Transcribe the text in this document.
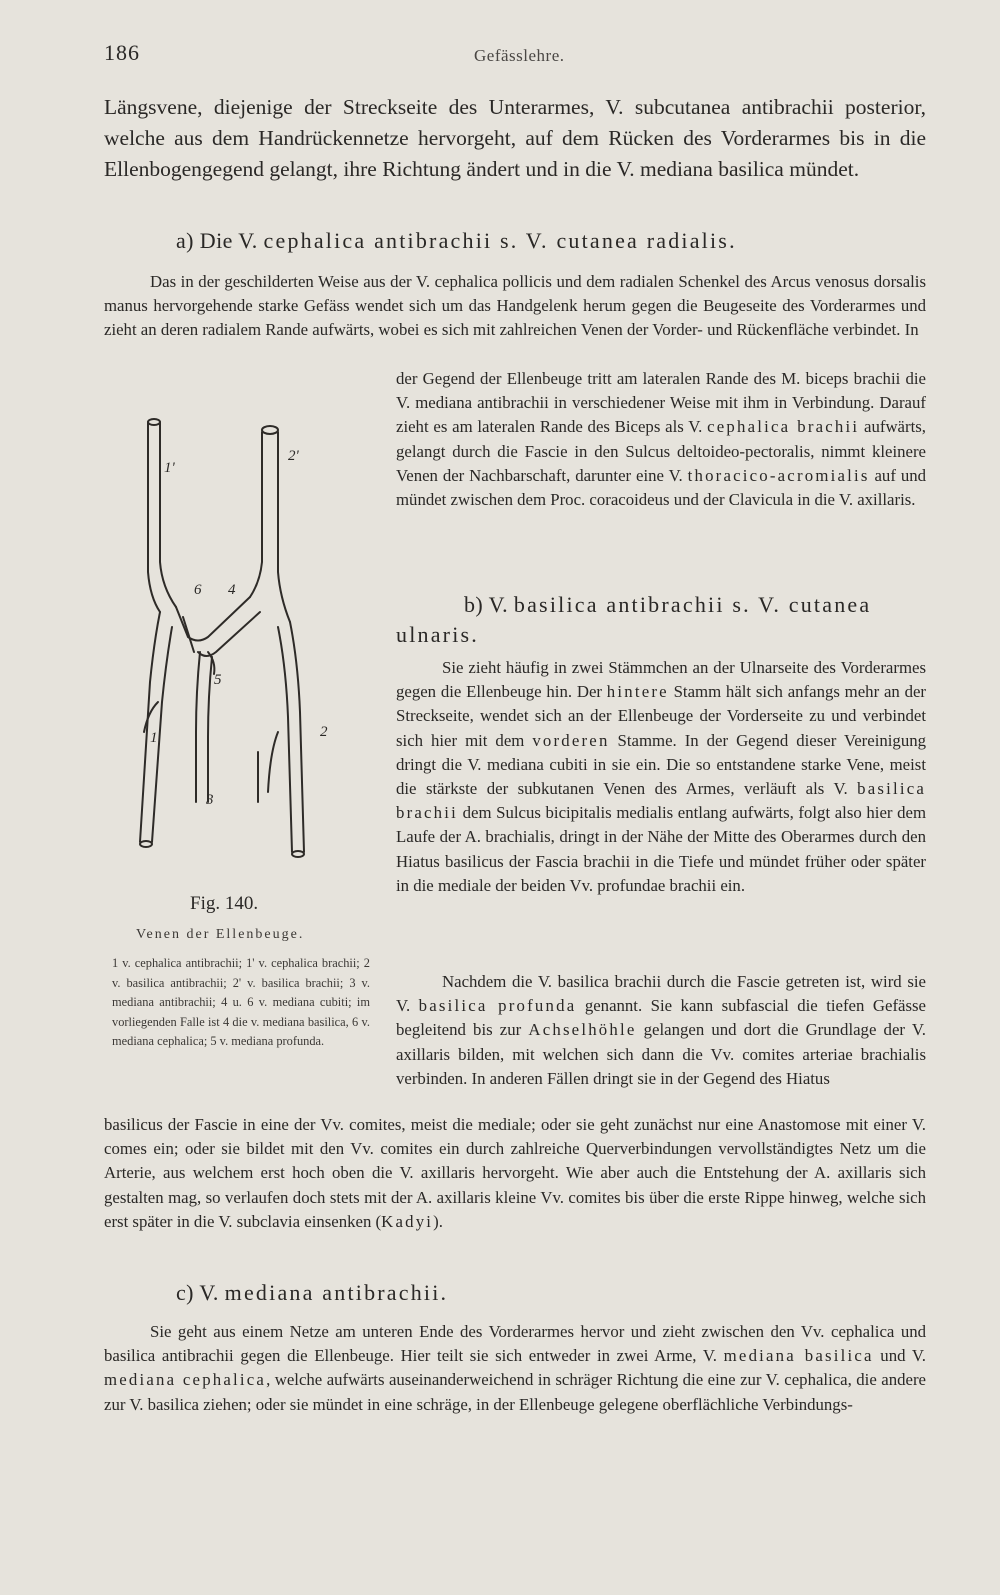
186	Gefässlehre.
Längsvene, diejenige der Streckseite des Unterarmes, V. subcutanea antibrachii posterior, welche aus dem Handrückennetze hervorgeht, auf dem Rücken des Vorderarmes bis in die Ellenbogengegend gelangt, ihre Richtung ändert und in die V. mediana basilica mündet.
a) Die V. cephalica antibrachii s. V. cutanea radialis.
Das in der geschilderten Weise aus der V. cephalica pollicis und dem radialen Schenkel des Arcus venosus dorsalis manus hervorgehende starke Gefäss wendet sich um das Handgelenk herum gegen die Beugeseite des Vorderarmes und zieht an deren radialem Rande aufwärts, wobei es sich mit zahlreichen Venen der Vorder- und Rückenfläche verbindet. In
der Gegend der Ellenbeuge tritt am lateralen Rande des M. biceps brachii die V. mediana antibrachii in verschiedener Weise mit ihm in Verbindung. Darauf zieht es am lateralen Rande des Biceps als V. cephalica brachii aufwärts, gelangt durch die Fascie in den Sulcus deltoideo-pectoralis, nimmt kleinere Venen der Nachbarschaft, darunter eine V. thoracico-acromialis auf und mündet zwischen dem Proc. coracoideus und der Clavicula in die V. axillaris.
1'
2'
6 4
5
1	2
3
Fig. 140.
Venen der Ellenbeuge.
1 v. cephalica antibrachii; 1' v. cephalica brachii; 2 v. basilica antibrachii; 2' v. basilica brachii; 3 v. mediana antibrachii; 4 u. 6 v. mediana cubiti; im vorliegenden Falle ist 4 die v. mediana basilica, 6 v. mediana cephalica; 5 v. mediana profunda.
b) V. basilica antibrachii s. V. cutanea ulnaris.
Sie zieht häufig in zwei Stämmchen an der Ulnarseite des Vorderarmes gegen die Ellenbeuge hin. Der hintere Stamm hält sich anfangs mehr an der Streckseite, wendet sich an der Ellenbeuge der Vorderseite zu und verbindet sich hier mit dem vorderen Stamme. In der Gegend dieser Vereinigung dringt die V. mediana cubiti in sie ein. Die so entstandene starke Vene, meist die stärkste der subkutanen Venen des Armes, verläuft als V. basilica brachii dem Sulcus bicipitalis medialis entlang aufwärts, folgt also hier dem Laufe der A. brachialis, dringt in der Nähe der Mitte des Oberarmes durch den Hiatus basilicus der Fascia brachii in die Tiefe und mündet früher oder später in die mediale der beiden Vv. profundae brachii ein.
Nachdem die V. basilica brachii durch die Fascie getreten ist, wird sie V. basilica profunda genannt. Sie kann subfascial die tiefen Gefässe begleitend bis zur Achselhöhle gelangen und dort die Grundlage der V. axillaris bilden, mit welchen sich dann die Vv. comites arteriae brachialis verbinden. In anderen Fällen dringt sie in der Gegend des Hiatus
basilicus der Fascie in eine der Vv. comites, meist die mediale; oder sie geht zunächst nur eine Anastomose mit einer V. comes ein; oder sie bildet mit den Vv. comites ein durch zahlreiche Querverbindungen vervollständigtes Netz um die Arterie, aus welchem erst hoch oben die V. axillaris hervorgeht. Wie aber auch die Entstehung der A. axillaris sich gestalten mag, so verlaufen doch stets mit der A. axillaris kleine Vv. comites bis über die erste Rippe hinweg, welche sich erst später in die V. subclavia einsenken (Kadyi).
c) V. mediana antibrachii.
Sie geht aus einem Netze am unteren Ende des Vorderarmes hervor und zieht zwischen den Vv. cephalica und basilica antibrachii gegen die Ellenbeuge. Hier teilt sie sich entweder in zwei Arme, V. mediana basilica und V. mediana cephalica, welche aufwärts auseinanderweichend in schräger Richtung die eine zur V. cephalica, die andere zur V. basilica ziehen; oder sie mündet in eine schräge, in der Ellenbeuge gelegene oberflächliche Verbindungs-
